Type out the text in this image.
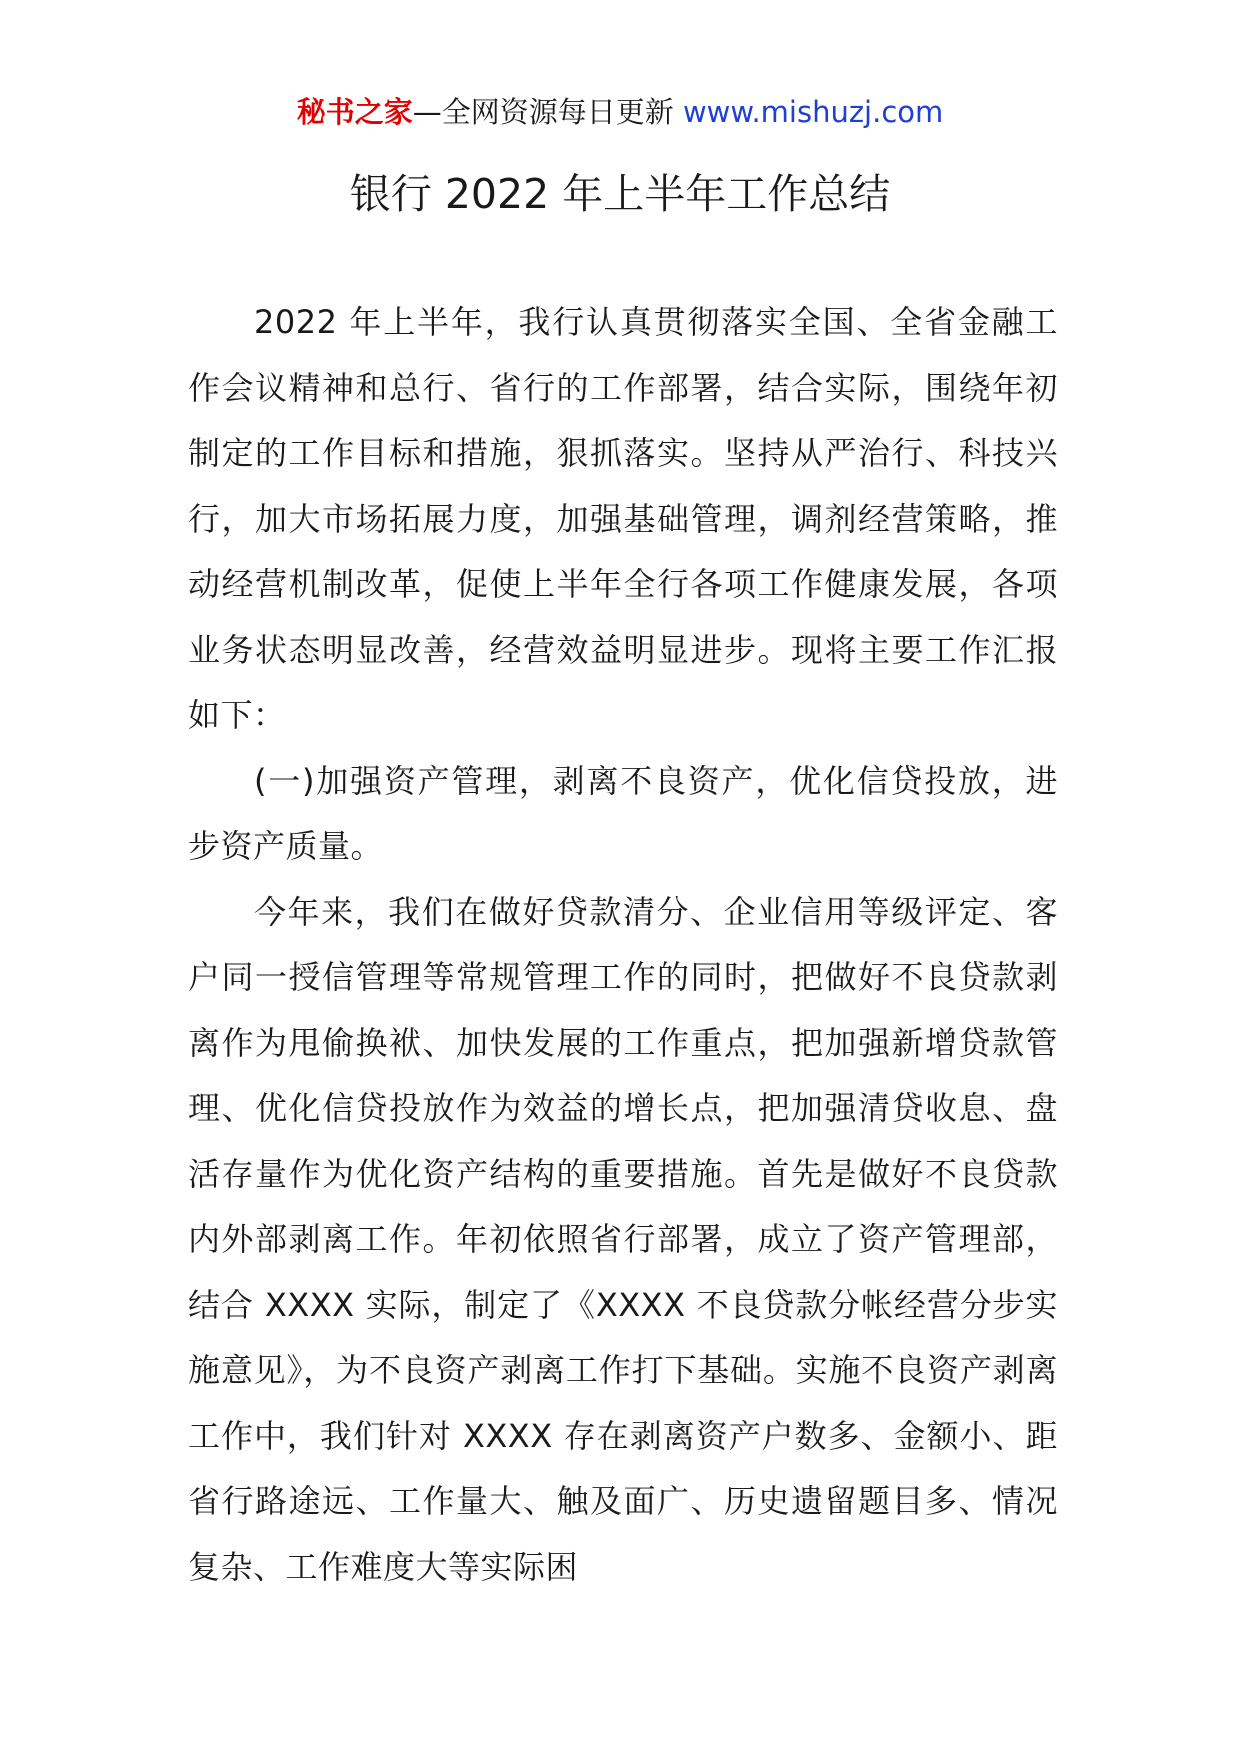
秘书之家—全网资源每日更新 www.mishuzj.com
银行 2022 年上半年工作总结

2022 年上半年，我行认真贯彻落实全国、全省金融工作会议精神和总行、省行的工作部署，结合实际，围绕年初制定的工作目标和措施，狠抓落实。坚持从严治行、科技兴行，加大市场拓展力度，加强基础管理，调剂经营策略，推动经营机制改革，促使上半年全行各项工作健康发展，各项业务状态明显改善，经营效益明显进步。现将主要工作汇报如下：

(一)加强资产管理，剥离不良资产，优化信贷投放，进步资产质量。

今年来，我们在做好贷款清分、企业信用等级评定、客户同一授信管理等常规管理工作的同时，把做好不良贷款剥离作为甩偷换袱、加快发展的工作重点，把加强新增贷款管理、优化信贷投放作为效益的增长点，把加强清贷收息、盘活存量作为优化资产结构的重要措施。首先是做好不良贷款内外部剥离工作。年初依照省行部署，成立了资产管理部，结合 XXXX 实际，制定了《XXXX 不良贷款分帐经营分步实施意见》，为不良资产剥离工作打下基础。实施不良资产剥离工作中，我们针对 XXXX 存在剥离资产户数多、金额小、距省行路途远、工作量大、触及面广、历史遗留题目多、情况复杂、工作难度大等实际困
